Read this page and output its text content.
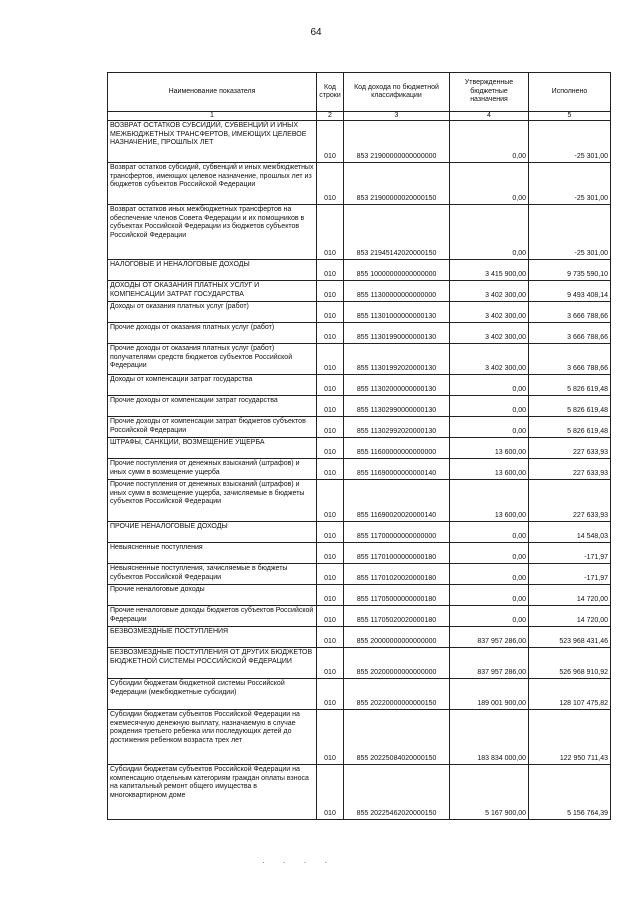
64
Наименование показателя	Код строки	Код дохода по бюджетной классификации	Утвержденные бюджетные назначения	Исполнено
1	2	3	4	5
ВОЗВРАТ ОСТАТКОВ СУБСИДИЙ, СУБВЕНЦИЙ И ИНЫХ МЕЖБЮДЖЕТНЫХ ТРАНСФЕРТОВ, ИМЕЮЩИХ ЦЕЛЕВОЕ НАЗНАЧЕНИЕ, ПРОШЛЫХ ЛЕТ	010	853 21900000000000000	0,00	-25 301,00
Возврат остатков субсидий, субвенций и иных межбюджетных трансфертов, имеющих целевое назначение, прошлых лет из бюджетов субъектов Российской Федерации	010	853 21900000020000150	0,00	-25 301,00
Возврат остатков иных межбюджетных трансфертов на обеспечение членов Совета Федерации и их помощников в субъектах Российской Федерации из бюджетов субъектов Российской Федерации	010	853 21945142020000150	0,00	-25 301,00
НАЛОГОВЫЕ И НЕНАЛОГОВЫЕ ДОХОДЫ	010	855 10000000000000000	3 415 900,00	9 735 590,10
ДОХОДЫ ОТ ОКАЗАНИЯ ПЛАТНЫХ УСЛУГ И КОМПЕНСАЦИИ ЗАТРАТ ГОСУДАРСТВА	010	855 11300000000000000	3 402 300,00	9 493 408,14
Доходы от оказания платных услуг (работ)	010	855 11301000000000130	3 402 300,00	3 666 788,66
Прочие доходы от оказания платных услуг (работ)	010	855 11301990000000130	3 402 300,00	3 666 788,66
Прочие доходы от оказания платных услуг (работ) получателями средств бюджетов субъектов Российской Федерации	010	855 11301992020000130	3 402 300,00	3 666 788,66
Доходы от компенсации затрат государства	010	855 11302000000000130	0,00	5 826 619,48
Прочие доходы от компенсации затрат государства	010	855 11302990000000130	0,00	5 826 619,48
Прочие доходы от компенсации затрат бюджетов субъектов Российской Федерации	010	855 11302992020000130	0,00	5 826 619,48
ШТРАФЫ, САНКЦИИ, ВОЗМЕЩЕНИЕ УЩЕРБА	010	855 11600000000000000	13 600,00	227 633,93
Прочие поступления от денежных взысканий (штрафов) и иных сумм в возмещение ущерба	010	855 11690000000000140	13 600,00	227 633,93
Прочие поступления от денежных взысканий (штрафов) и иных сумм в возмещение ущерба, зачисляемые в бюджеты субъектов Российской Федерации	010	855 11690020020000140	13 600,00	227 633,93
ПРОЧИЕ НЕНАЛОГОВЫЕ ДОХОДЫ	010	855 11700000000000000	0,00	14 548,03
Невыясненные поступления	010	855 11701000000000180	0,00	-171,97
Невыясненные поступления, зачисляемые в бюджеты субъектов Российской Федерации	010	855 11701020020000180	0,00	-171,97
Прочие неналоговые доходы	010	855 11705000000000180	0,00	14 720,00
Прочие неналоговые доходы бюджетов субъектов Российской Федерации	010	855 11705020020000180	0,00	14 720,00
БЕЗВОЗМЕЗДНЫЕ ПОСТУПЛЕНИЯ	010	855 20000000000000000	837 957 286,00	523 968 431,46
БЕЗВОЗМЕЗДНЫЕ ПОСТУПЛЕНИЯ ОТ ДРУГИХ БЮДЖЕТОВ БЮДЖЕТНОЙ СИСТЕМЫ РОССИЙСКОЙ ФЕДЕРАЦИИ	010	855 20200000000000000	837 957 286,00	526 968 910,92
Субсидии бюджетам бюджетной системы Российской Федерации (межбюджетные субсидии)	010	855 20220000000000150	189 001 900,00	128 107 475,82
Субсидии бюджетам субъектов Российской Федерации на ежемесячную денежную выплату, назначаемую в случае рождения третьего ребенка или последующих детей до достижения ребенком возраста трех лет	010	855 20225084020000150	183 834 000,00	122 950 711,43
Субсидии бюджетам субъектов Российской Федерации на компенсацию отдельным категориям граждан оплаты взноса на капитальный ремонт общего имущества в многоквартирном доме	010	855 20225462020000150	5 167 900,00	5 156 764,39
· · · ·
